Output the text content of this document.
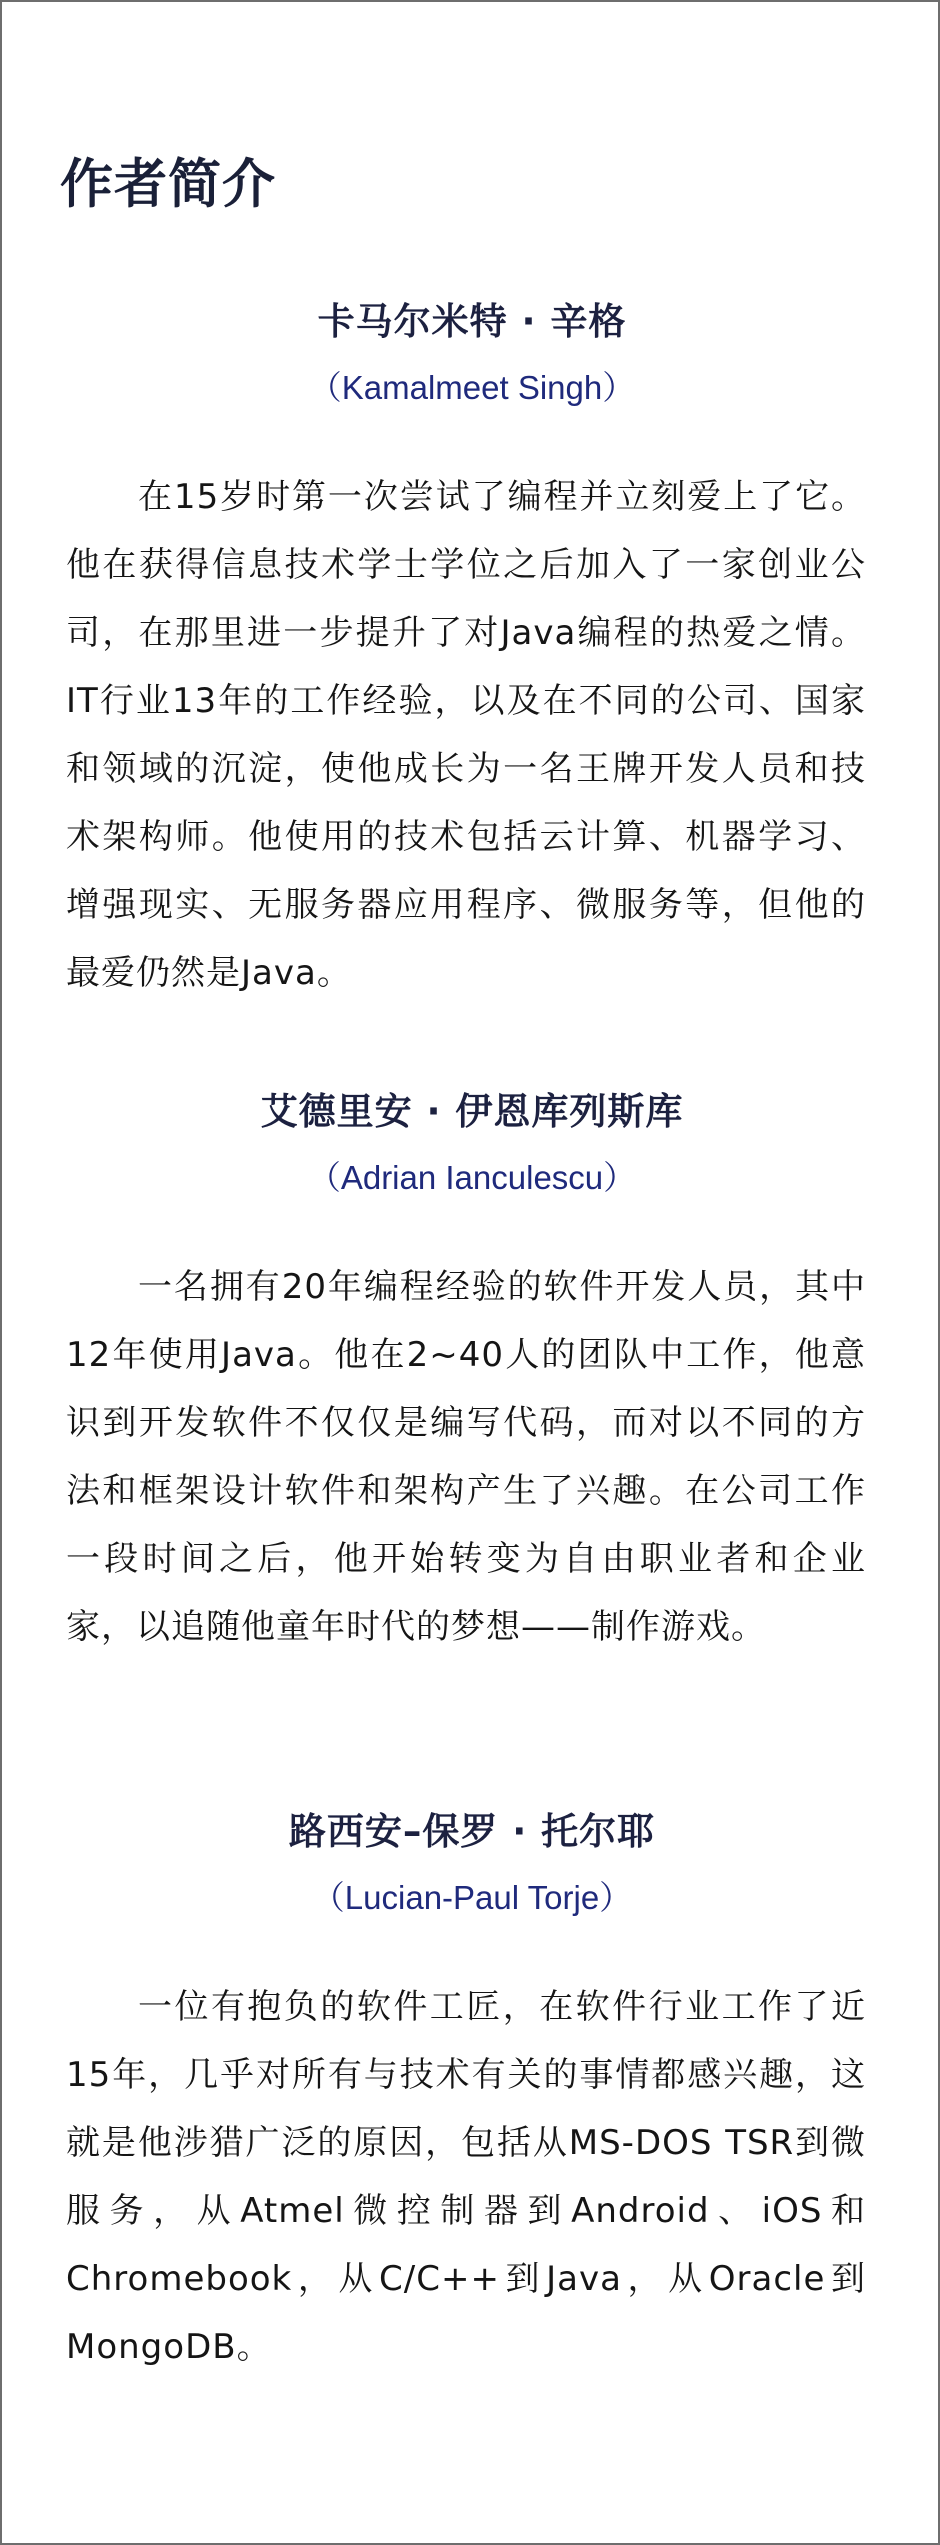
作者简介

卡马尔米特 · 辛格

（Kamalmeet Singh）

在15岁时第一次尝试了编程并立刻爱上了它。他在获得信息技术学士学位之后加入了一家创业公司，在那里进一步提升了对Java编程的热爱之情。IT行业13年的工作经验，以及在不同的公司、国家和领域的沉淀，使他成长为一名王牌开发人员和技术架构师。他使用的技术包括云计算、机器学习、增强现实、无服务器应用程序、微服务等，但他的最爱仍然是Java。

艾德里安 · 伊恩库列斯库

（Adrian Ianculescu）

一名拥有20年编程经验的软件开发人员，其中12年使用Java。他在2~40人的团队中工作，他意识到开发软件不仅仅是编写代码，而对以不同的方法和框架设计软件和架构产生了兴趣。在公司工作一段时间之后，他开始转变为自由职业者和企业家，以追随他童年时代的梦想——制作游戏。

路西安–保罗 · 托尔耶

（Lucian-Paul Torje）

一位有抱负的软件工匠，在软件行业工作了近15年，几乎对所有与技术有关的事情都感兴趣，这就是他涉猎广泛的原因，包括从MS-DOS TSR到微服务，从Atmel微控制器到Android、iOS和Chromebook，从C/C++到Java，从Oracle到MongoDB。
